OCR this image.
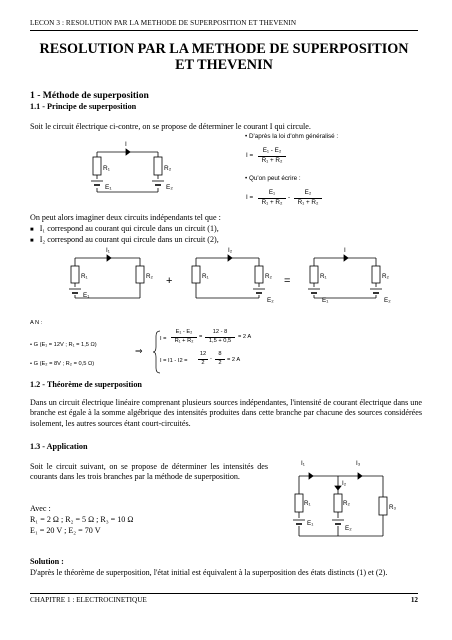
LECON 3 : RESOLUTION PAR LA METHODE DE SUPERPOSITION ET THEVENIN
RESOLUTION PAR LA METHODE DE SUPERPOSITION
ET THEVENIN
1 - Méthode de superposition
1.1 - Principe de superposition
Soit le circuit électrique ci-contre, on se propose de déterminer le courant I qui circule.
I
R₁	R₂
E₁	E₂
• D'après la loi d'ohm généralisé :
I =
E₁ - E₂
R₁ + R₂
• Qu'on peut écrire :
I =
E₁
R₁ + R₂
-
E₂
R₁ + R₂
On peut alors imaginer deux circuits indépendants tel que :
■ I₁ correspond au courant qui circule dans un circuit (1),
■ I₂ correspond au courant qui circule dans un circuit (2),
I₁
R₁	R₂
E₁
+
I₂
R₁	R₂
E₂
=
I
R₁	R₂
E₁	E₂
A N :
• G (E₁ = 12V ; R₁ = 1,5 Ω)
• G (E₂ = 8V ; R₂ = 0,5 Ω)
⇒
I =
E₁ - E₂
R₁ + R₂
=
12 - 8
1,5 + 0,5
= 2 A
I = I1 - I2 =
12
2
-
8
2 = 2 A
1.2 - Théorème de superposition
Dans un circuit électrique linéaire comprenant plusieurs sources indépendantes, l'intensité de courant électrique dans une branche est égale à la somme algébrique des intensités produites dans cette branche par chacune des sources considérées isolement, les autres sources étant court-circuités.
1.3 - Application
Soit le circuit suivant, on se propose de déterminer les intensités des courants dans les trois branches par la méthode de superposition.
Avec :
R₁ = 2 Ω ; R₂ = 5 Ω ; R₃ = 10 Ω
E₁ = 20 V ; E₂ = 70 V
I₁	I₃
I₂
R₁	R₂
R₃
E₁
E₂
Solution :
D'après le théorème de superposition, l'état initial est équivalent à la superposition des états distincts (1) et (2).
CHAPITRE 1 : ELECTROCINETIQUE	12
